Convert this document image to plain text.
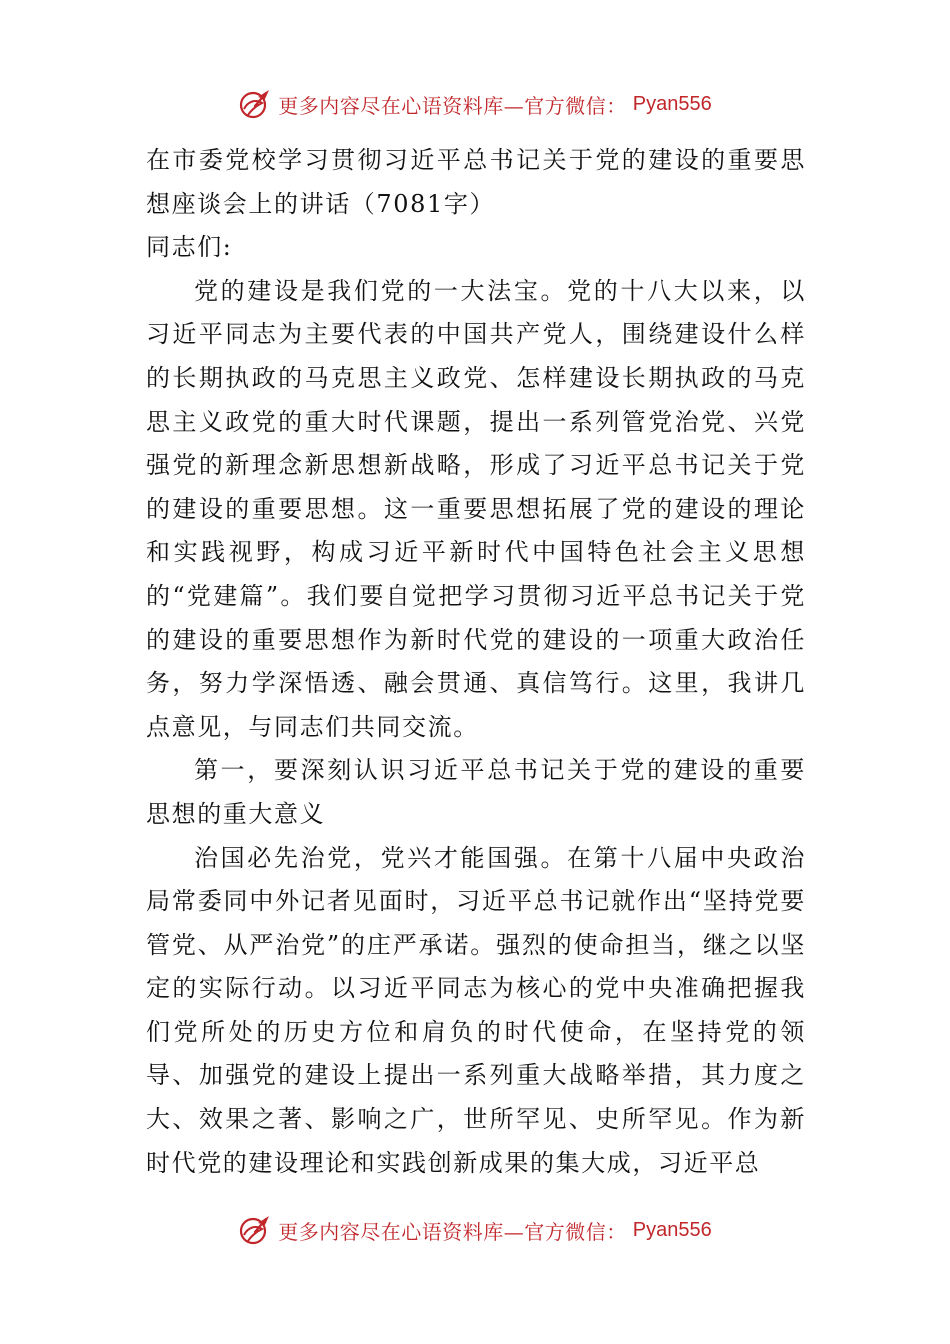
更多内容尽在心语资料库—官方微信： Pyan556

在市委党校学习贯彻习近平总书记关于党的建设的重要思想座谈会上的讲话（7081字）

同志们:

党的建设是我们党的一大法宝。党的十八大以来，以习近平同志为主要代表的中国共产党人，围绕建设什么样的长期执政的马克思主义政党、怎样建设长期执政的马克思主义政党的重大时代课题，提出一系列管党治党、兴党强党的新理念新思想新战略，形成了习近平总书记关于党的建设的重要思想。这一重要思想拓展了党的建设的理论和实践视野，构成习近平新时代中国特色社会主义思想的“党建篇”。我们要自觉把学习贯彻习近平总书记关于党的建设的重要思想作为新时代党的建设的一项重大政治任务，努力学深悟透、融会贯通、真信笃行。这里，我讲几点意见，与同志们共同交流。

第一，要深刻认识习近平总书记关于党的建设的重要思想的重大意义

治国必先治党，党兴才能国强。在第十八届中央政治局常委同中外记者见面时，习近平总书记就作出“坚持党要管党、从严治党”的庄严承诺。强烈的使命担当，继之以坚定的实际行动。以习近平同志为核心的党中央准确把握我们党所处的历史方位和肩负的时代使命，在坚持党的领导、加强党的建设上提出一系列重大战略举措，其力度之大、效果之著、影响之广，世所罕见、史所罕见。作为新时代党的建设理论和实践创新成果的集大成，习近平总

更多内容尽在心语资料库—官方微信： Pyan556
